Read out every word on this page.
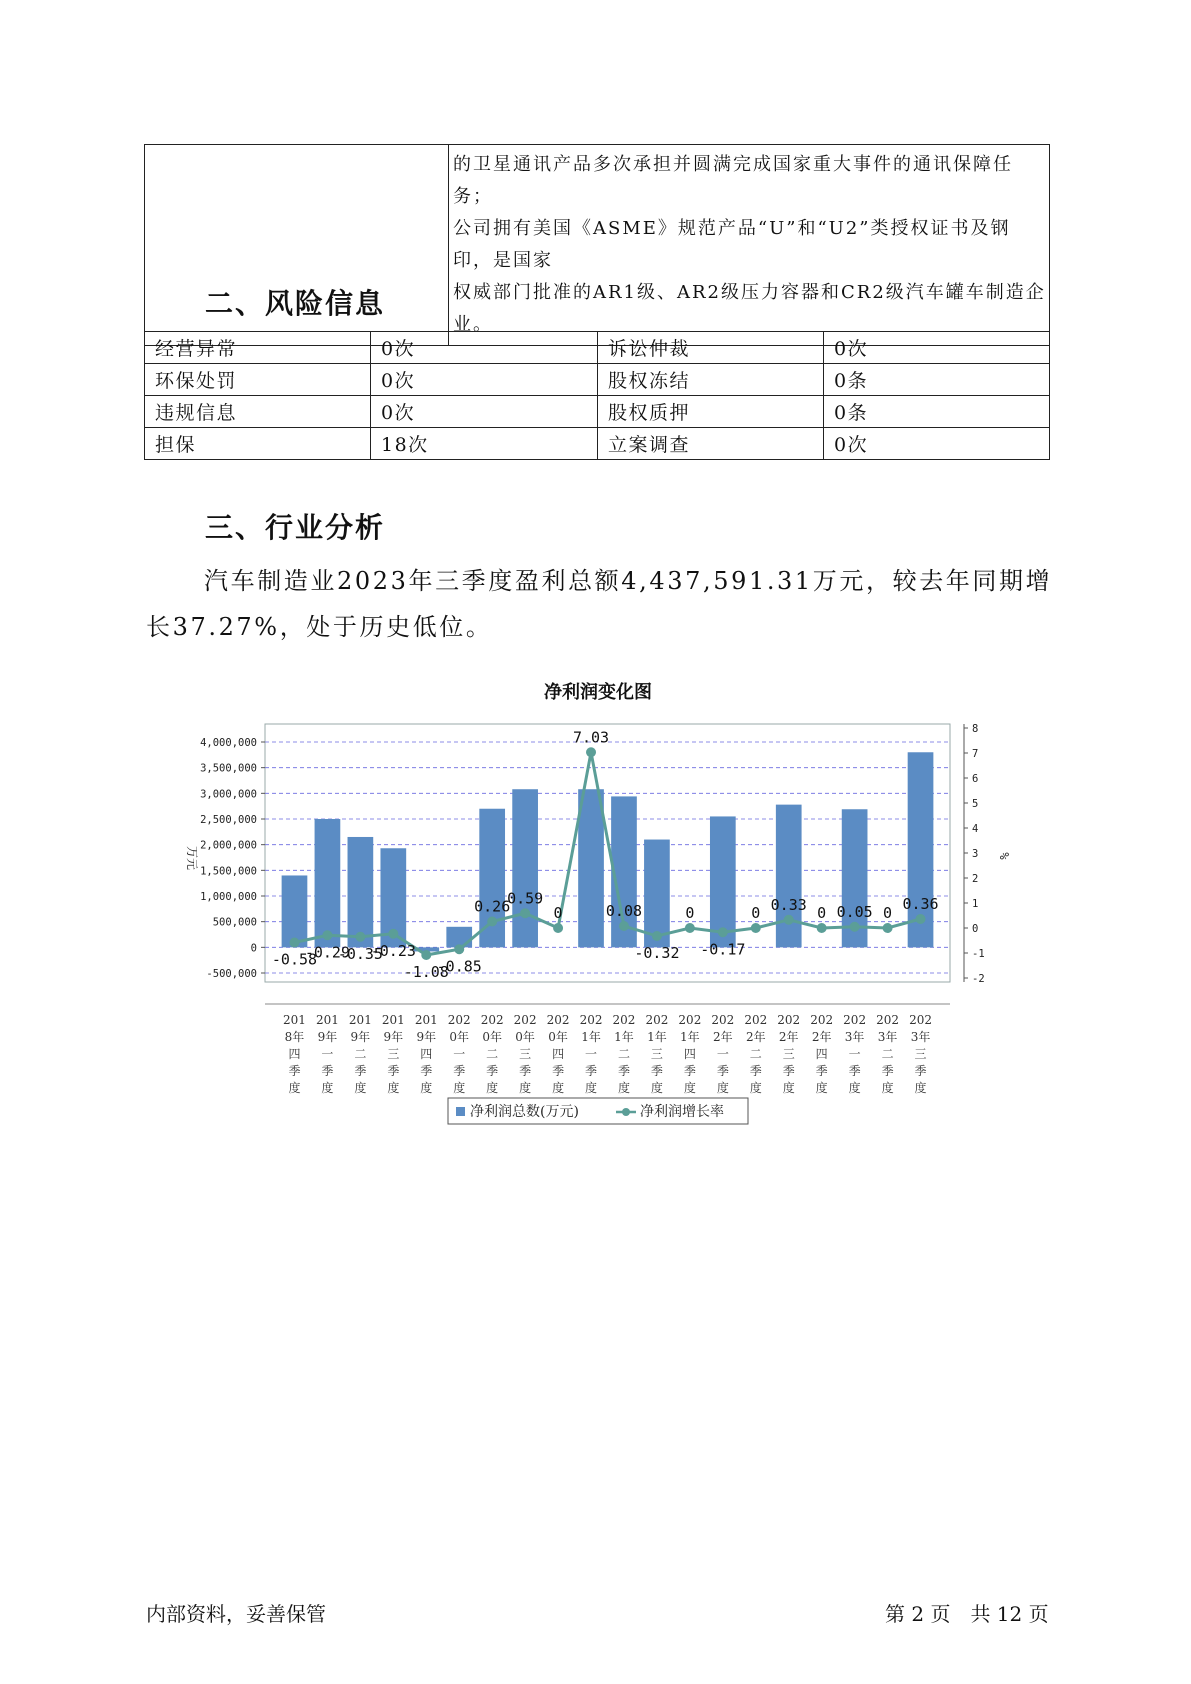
的卫星通讯产品多次承担并圆满完成国家重大事件的通讯保障任务；
公司拥有美国《ASME》规范产品“U”和“U2”类授权证书及钢印，是国家
权威部门批准的AR1级、AR2级压力容器和CR2级汽车罐车制造企业。
二、风险信息
经营异常	0次	诉讼仲裁	0次
环保处罚	0次	股权冻结	0条
违规信息	0次	股权质押	0条
担保	18次	立案调查	0次
三、行业分析
汽车制造业2023年三季度盈利总额4,437,591.31万元，较去年同期增
长37.27%，处于历史低位。
净利润变化图
4,000,000
3,500,000
3,000,000
2,500,000
2,000,000
1,500,000
1,000,000
500,000
0
-500,000
万元
8
7
6
5
4
3
2
1
0
-1
-2
%
-0.58
-0.29
-0.35
-0.23
-1.08
-0.85
0.26
0.59
0
7.03
0.08
-0.32
0
-0.17
0 0.33 0 0.05 0 0.36
201
8年
四
季
度
201
9年
一
季
度
201
9年
二
季
度
201
9年
三
季
度
201
9年
四
季
度
202
0年
一
季
度
202
0年
二
季
度
202
0年
三
季
度
202
0年
四
季
度
202
1年
一
季
度
202
1年
二
季
度
202
1年
三
季
度
202
1年
四
季
度
202
2年
一
季
度
202
2年
二
季
度
202
2年
三
季
度
202
2年
四
季
度
202
3年
一
季
度
202
3年
二
季
度
202
3年
三
季
度
净利润总数(万元)	净利润增长率
内部资料，妥善保管	第 2 页　共 12 页
